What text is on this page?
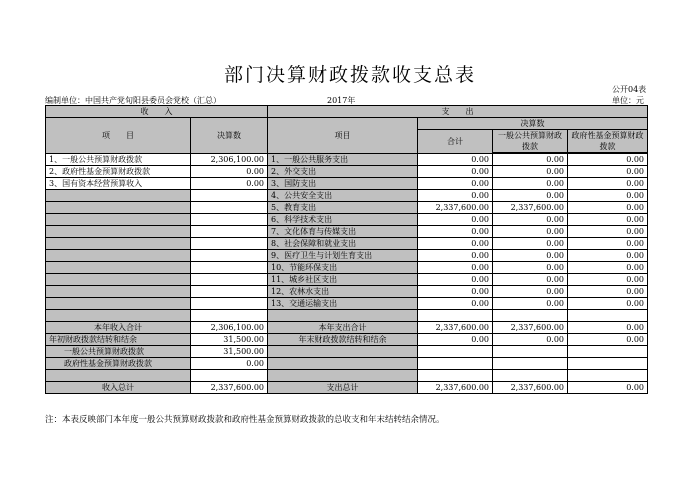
部门决算财政拨款收支总表
公开04表
编制单位：中国共产党旬阳县委员会党校（汇总）	2017年	单位：元
收　　入		支　　出			
项　　目	决算数	项目	决算数		
			合计	一般公共预算财政拨款	政府性基金预算财政拨款

1、一般公共预算财政拨款	2,306,100.00	1、一般公共服务支出	0.00	0.00	0.00
2、政府性基金预算财政拨款	0.00	2、外交支出	0.00	0.00	0.00
3、国有资本经营预算收入	0.00	3、国防支出	0.00	0.00	0.00
		4、公共安全支出	0.00	0.00	0.00
		5、教育支出	2,337,600.00	2,337,600.00	0.00
		6、科学技术支出	0.00	0.00	0.00
		7、文化体育与传媒支出	0.00	0.00	0.00
		8、社会保障和就业支出	0.00	0.00	0.00
		9、医疗卫生与计划生育支出	0.00	0.00	0.00
		10、节能环保支出	0.00	0.00	0.00
		11、城乡社区支出	0.00	0.00	0.00
		12、农林水支出	0.00	0.00	0.00
		13、交通运输支出	0.00	0.00	0.00

本年收入合计	2,306,100.00	本年支出合计	2,337,600.00	2,337,600.00	0.00
年初财政拨款结转和结余	31,500.00	年末财政拨款结转和结余	0.00	0.00	0.00
一般公共预算财政拨款	31,500.00				
政府性基金预算财政拨款	0.00				

收入总计	2,337,600.00	支出总计	2,337,600.00	2,337,600.00	0.00
注：本表反映部门本年度一般公共预算财政拨款和政府性基金预算财政拨款的总收支和年末结转结余情况。
